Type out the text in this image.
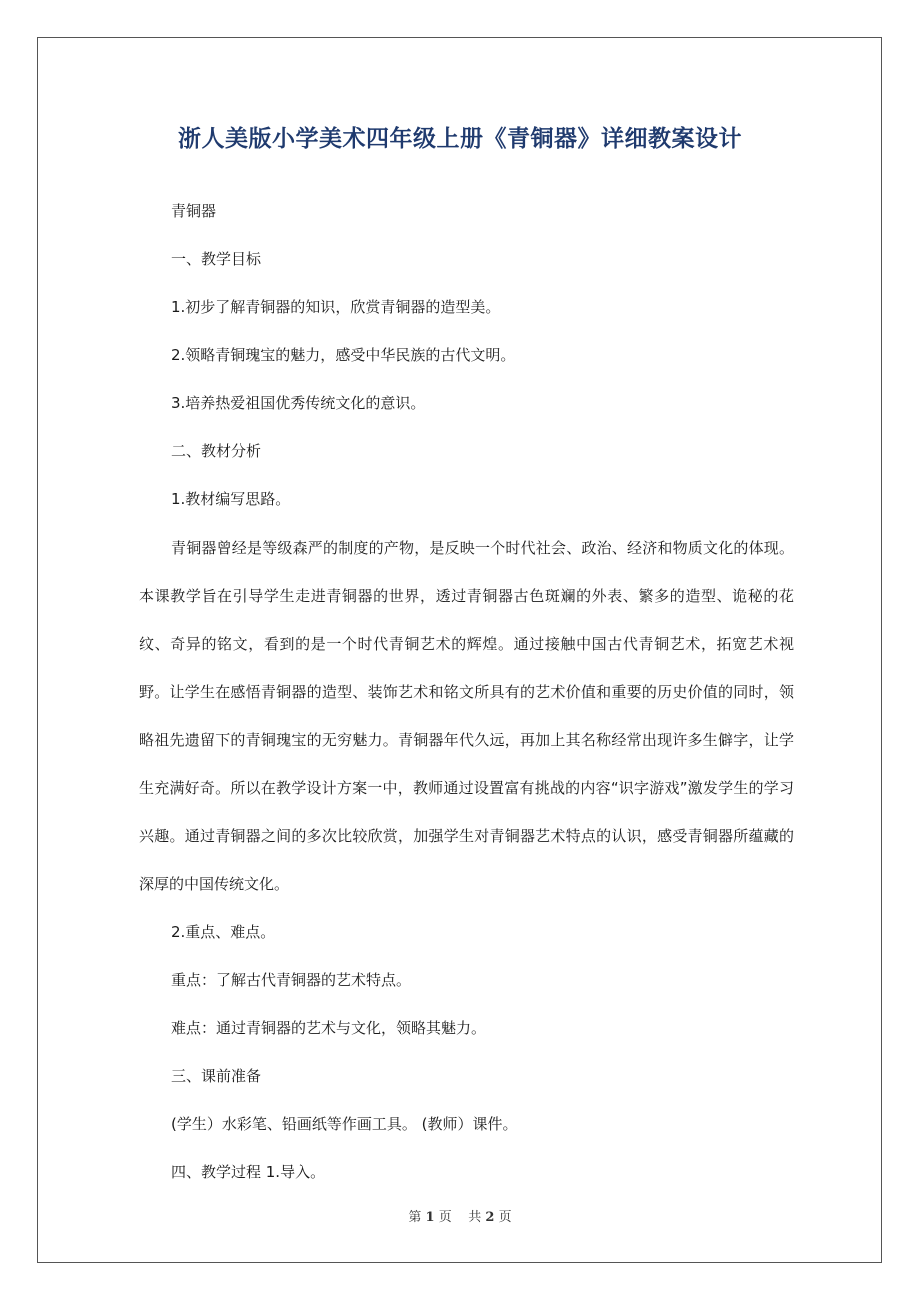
浙人美版小学美术四年级上册《青铜器》详细教案设计
青铜器
一、教学目标
1.初步了解青铜器的知识，欣赏青铜器的造型美。
2.领略青铜瑰宝的魅力，感受中华民族的古代文明。
3.培养热爱祖国优秀传统文化的意识。
二、教材分析
1.教材编写思路。
青铜器曾经是等级森严的制度的产物，是反映一个时代社会、政治、经济和物质文化的体现。本课教学旨在引导学生走进青铜器的世界，透过青铜器古色斑斓的外表、繁多的造型、诡秘的花纹、奇异的铭文，看到的是一个时代青铜艺术的辉煌。通过接触中国古代青铜艺术，拓宽艺术视野。让学生在感悟青铜器的造型、装饰艺术和铭文所具有的艺术价值和重要的历史价值的同时，领略祖先遗留下的青铜瑰宝的无穷魅力。青铜器年代久远，再加上其名称经常出现许多生僻字，让学生充满好奇。所以在教学设计方案一中，教师通过设置富有挑战的内容“识字游戏”激发学生的学习兴趣。通过青铜器之间的多次比较欣赏，加强学生对青铜器艺术特点的认识，感受青铜器所蕴藏的深厚的中国传统文化。
2.重点、难点。
重点：了解古代青铜器的艺术特点。
难点：通过青铜器的艺术与文化，领略其魅力。
三、课前准备
(学生）水彩笔、铅画纸等作画工具。 (教师）课件。
四、教学过程 1.导入。
第 1 页 共 2 页
